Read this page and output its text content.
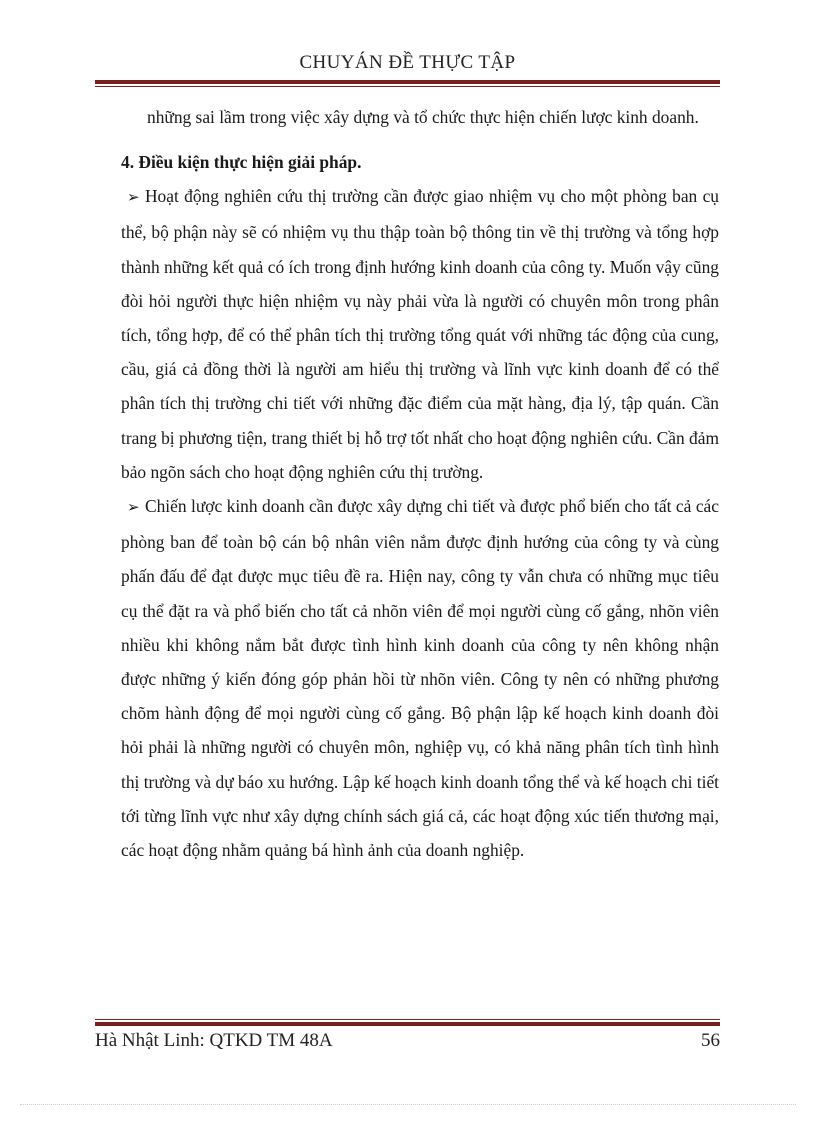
CHUYÁN ĐỀ THỰC TẬP

những sai lầm trong việc xây dựng và tổ chức thực hiện chiến lược kinh doanh.

4. Điều kiện thực hiện giải pháp.

➢ Hoạt động nghiên cứu thị trường cần được giao nhiệm vụ cho một phòng ban cụ thể, bộ phận này sẽ có nhiệm vụ thu thập toàn bộ thông tin về thị trường và tổng hợp thành những kết quả có ích trong định hướng kinh doanh của công ty. Muốn vậy cũng đòi hỏi người thực hiện nhiệm vụ này phải vừa là người có chuyên môn trong phân tích, tổng hợp, để có thể phân tích thị trường tổng quát với những tác động của cung, cầu, giá cả đồng thời là người am hiểu thị trường và lĩnh vực kinh doanh để có thể phân tích thị trường chi tiết với những đặc điểm của mặt hàng, địa lý, tập quán. Cần trang bị phương tiện, trang thiết bị hỗ trợ tốt nhất cho hoạt động nghiên cứu. Cần đảm bảo ngõn sách cho hoạt động nghiên cứu thị trường.

➢ Chiến lược kinh doanh cần được xây dựng chi tiết và được phổ biến cho tất cả các phòng ban để toàn bộ cán bộ nhân viên nắm được định hướng của công ty và cùng phấn đấu để đạt được mục tiêu đề ra. Hiện nay, công ty vẫn chưa có những mục tiêu cụ thể đặt ra và phổ biến cho tất cả nhõn viên để mọi người cùng cố gắng, nhõn viên nhiều khi không nắm bắt được tình hình kinh doanh của công ty nên không nhận được những ý kiến đóng góp phản hồi từ nhõn viên. Công ty nên có những phương chõm hành động để mọi người cùng cố gắng. Bộ phận lập kế hoạch kinh doanh đòi hỏi phải là những người có chuyên môn, nghiệp vụ, có khả năng phân tích tình hình thị trường và dự báo xu hướng. Lập kế hoạch kinh doanh tổng thể và kế hoạch chi tiết tới từng lĩnh vực như xây dựng chính sách giá cả, các hoạt động xúc tiến thương mại, các hoạt động nhằm quảng bá hình ảnh của doanh nghiệp.

Hà Nhật Linh: QTKD TM 48A	56
